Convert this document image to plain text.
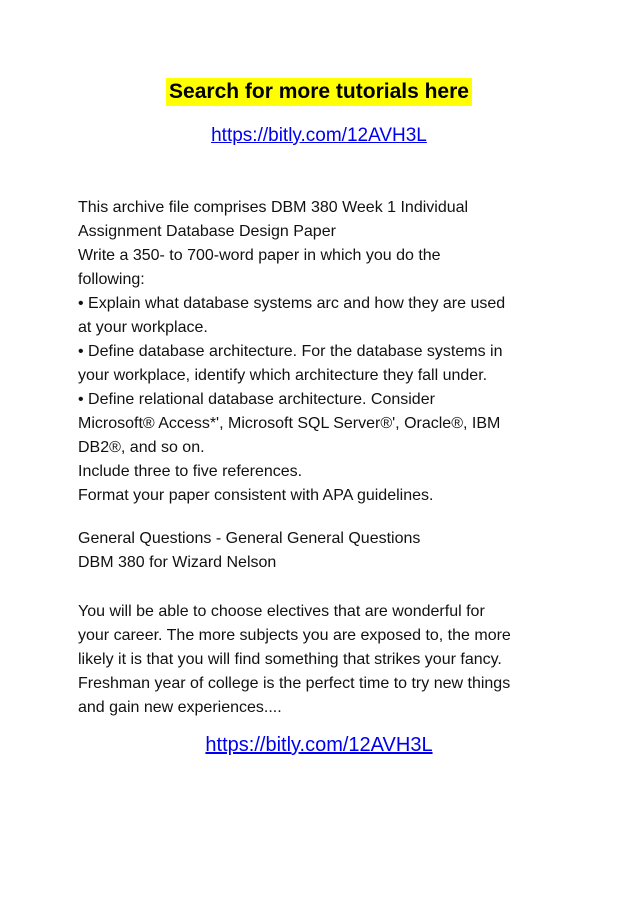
Search for more tutorials here
https://bitly.com/12AVH3L

This archive file comprises DBM 380 Week 1 Individual

Assignment Database Design Paper

Write a 350- to 700-word paper in which you do the

following:

• Explain what database systems arc and how they are used

at your workplace.

• Define database architecture. For the database systems in

your workplace, identify which architecture they fall under.

• Define relational database architecture. Consider

Microsoft® Access*', Microsoft SQL Server®', Oracle®, IBM

DB2®, and so on.

Include three to five references.

Format your paper consistent with APA guidelines.

General Questions - General General Questions

DBM 380 for Wizard Nelson

You will be able to choose electives that are wonderful for

your career. The more subjects you are exposed to, the more

likely it is that you will find something that strikes your fancy.

Freshman year of college is the perfect time to try new things

and gain new experiences....

https://bitly.com/12AVH3L
